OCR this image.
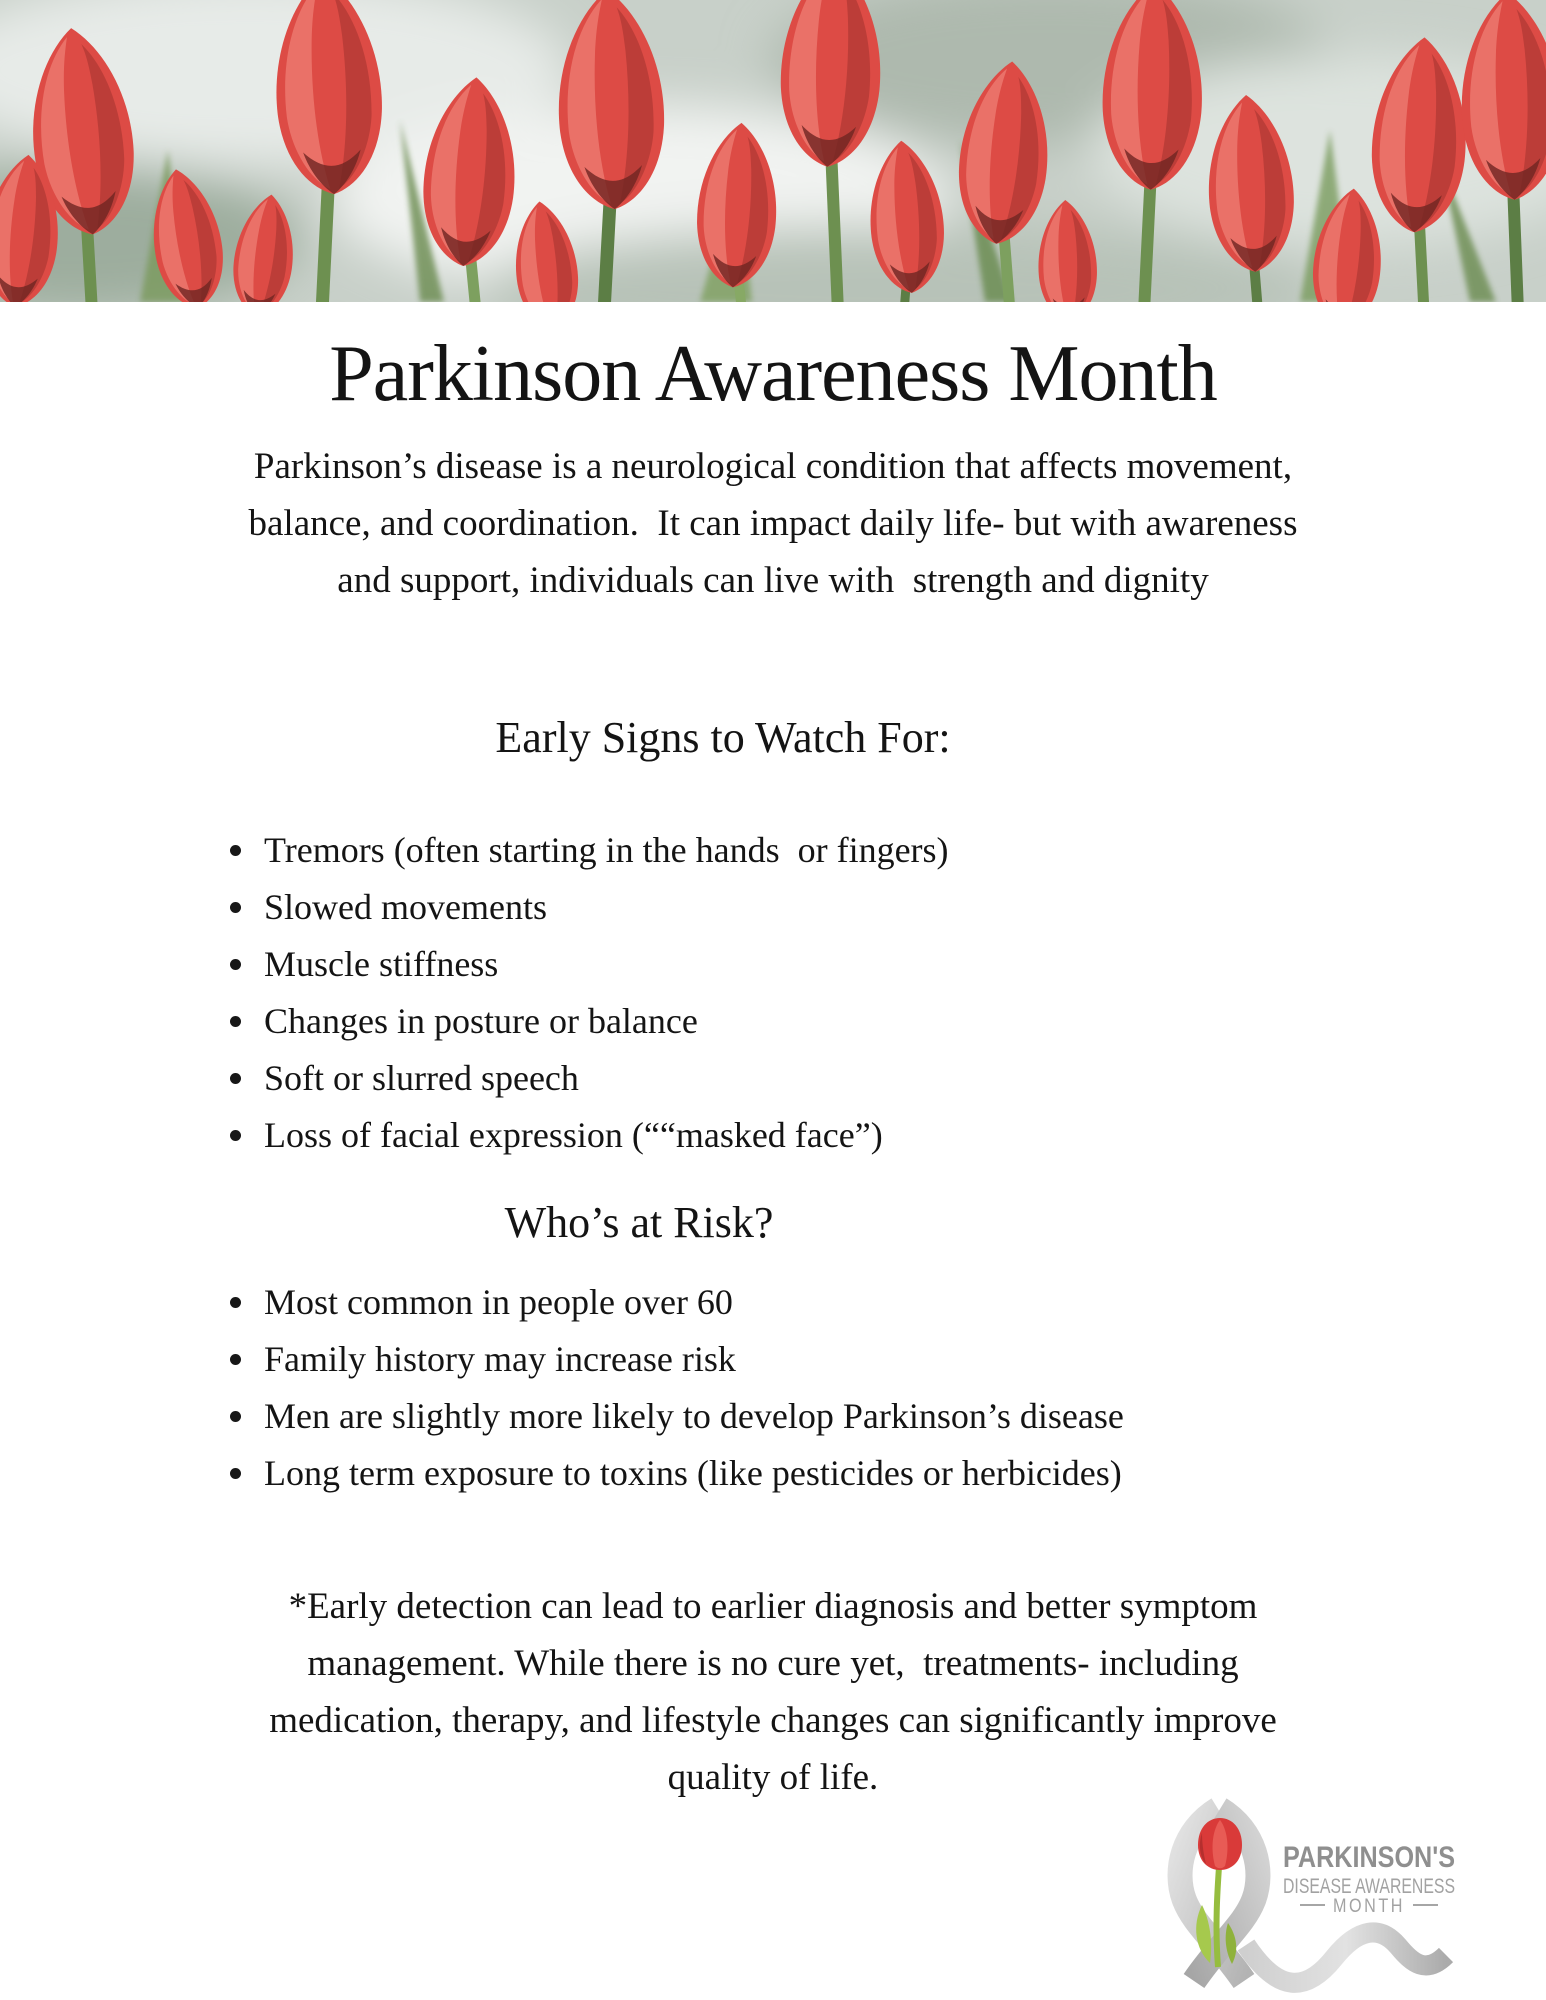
Parkinson Awareness Month
Parkinson’s disease is a neurological condition that affects movement,
balance, and coordination.  It can impact daily life- but with awareness
and support, individuals can live with  strength and dignity
Early Signs to Watch For:
Tremors (often starting in the hands  or fingers)
Slowed movements
Muscle stiffness
Changes in posture or balance
Soft or slurred speech
Loss of facial expression (““masked face”)
Who’s at Risk?
Most common in people over 60
Family history may increase risk
Men are slightly more likely to develop Parkinson’s disease
Long term exposure to toxins (like pesticides or herbicides)
*Early detection can lead to earlier diagnosis and better symptom
management. While there is no cure yet,  treatments- including
medication, therapy, and lifestyle changes can significantly improve
quality of life.
PARKINSON'S
DISEASE AWARENESS
MONTH
